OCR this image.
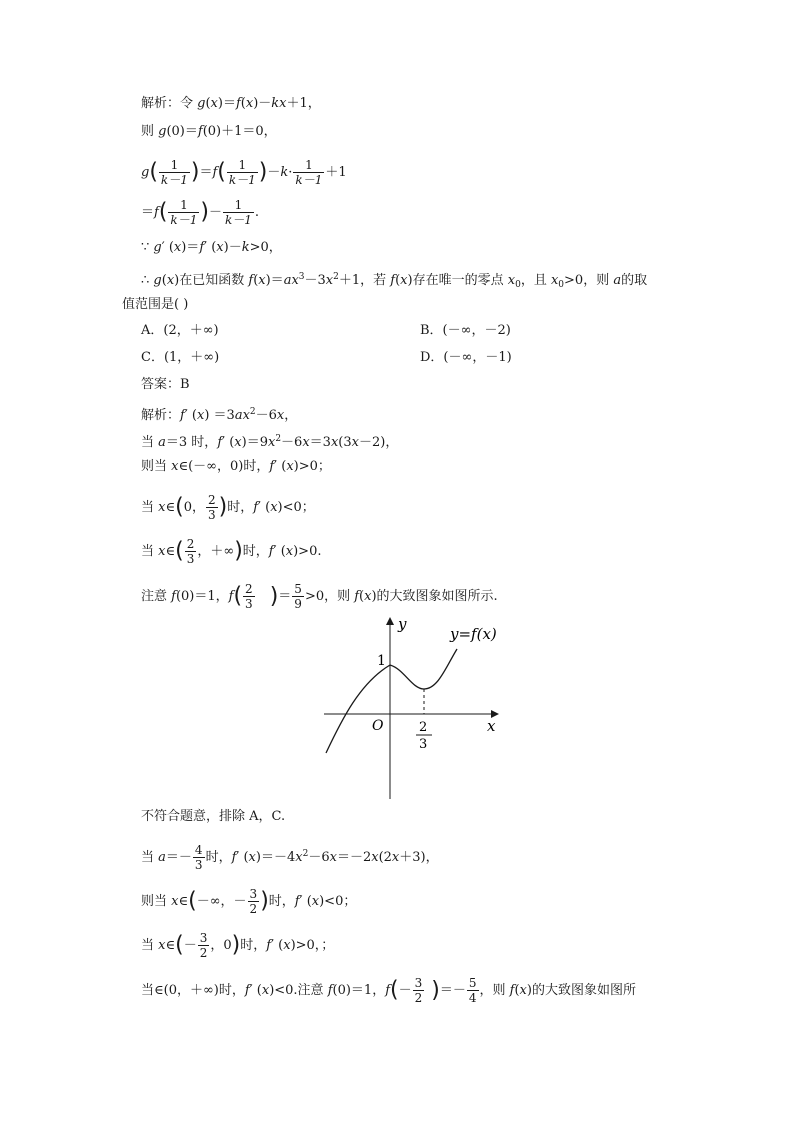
解析：令 g(x)＝f(x)－kx＋1，
则 g(0)＝f(0)＋1＝0，
$g( \frac{1}{k-1} )=f( \frac{1}{k-1} )-k\cdot \frac{1}{k-1} +1$
$=f( \frac{1}{k-1}$ )－ $\frac{1}{k-1}$ .
∵ g′ (x)＝f′ (x)－k>0，
∴ g(x)在已知函数 $f(x)=ax^3-3x^2+1$，若 f(x)存在唯一的零点 $x_0$，且 $x_0>0$，则 a的取
值范围是( )
A．(2，＋∞)	B．(－∞，－2)
C．(1，＋∞)	D．(－∞，－1)
答案：B
解析：f′ $(x) =3ax^2-6x$，
当 a＝3 时，f′ $(x)=9x^2-6x=3x(3x-2)$，
则当 x∈(－∞，0)时，f′ (x)>0；
当 x∈(0， $\frac{2}{3}$ )时，f′ (x)<0；
当 x∈( $\frac{2}{3}$ ，＋∞)时，f′ (x)>0.
注意 f(0)＝1，$f( \frac{2}{3}$ )＝ $\frac{5}{9} >0$，则 f(x)的大致图象如图所示.
y
y=f(x)
1
O	x
2
3
不符合题意，排除 A，C.
当 $a=- \frac{4}{3}$ 时，f′ $(x)=-4x^2-6x=-2x(2x+3)$，
则当 x∈(－∞，－ $\frac{3}{2}$ )时，f′ (x)<0；
当 x∈(－ $\frac{3}{2}$ ，0)时，f′ (x)>0，；
当∈(0，＋∞)时，f′ (x)<0.注意 f(0)＝1，$f(- \frac{3}{2}$ )＝－ $\frac{5}{4}$ ，则 f(x)的大致图象如图所
